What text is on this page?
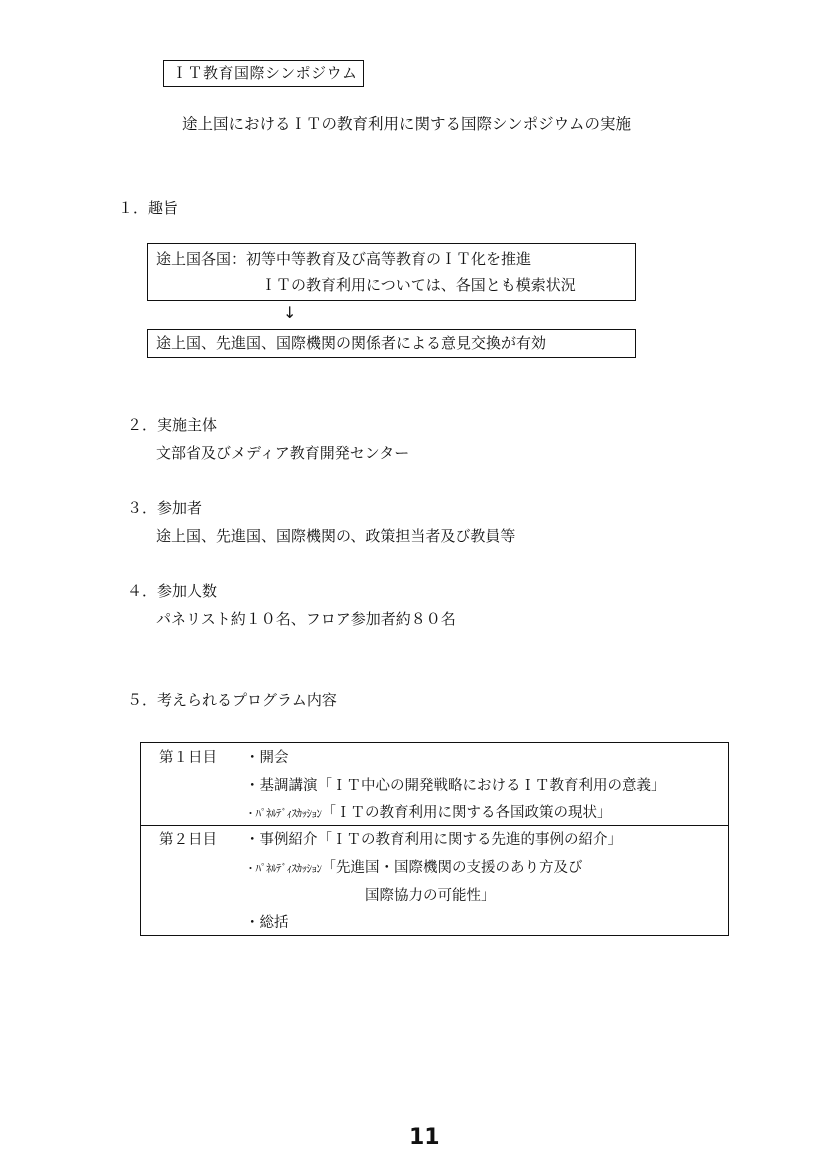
ＩＴ教育国際シンポジウム
途上国におけるＩＴの教育利用に関する国際シンポジウムの実施
１．趣旨
途上国各国：初等中等教育及び高等教育のＩＴ化を推進
ＩＴの教育利用については、各国とも模索状況
↓
途上国、先進国、国際機関の関係者による意見交換が有効
２．実施主体
文部省及びメディア教育開発センター
３．参加者
途上国、先進国、国際機関の、政策担当者及び教員等
４．参加人数
パネリスト約１０名、フロア参加者約８０名
５．考えられるプログラム内容
第１日目 ・開会
・基調講演「ＩＴ中心の開発戦略におけるＩＴ教育利用の意義」
・ﾊﾟﾈﾙﾃﾞｨｽｶｯｼｮﾝ「ＩＴの教育利用に関する各国政策の現状」
第２日目 ・事例紹介「ＩＴの教育利用に関する先進的事例の紹介」
・ﾊﾟﾈﾙﾃﾞｨｽｶｯｼｮﾝ「先進国・国際機関の支援のあり方及び
国際協力の可能性」
・総括
11
